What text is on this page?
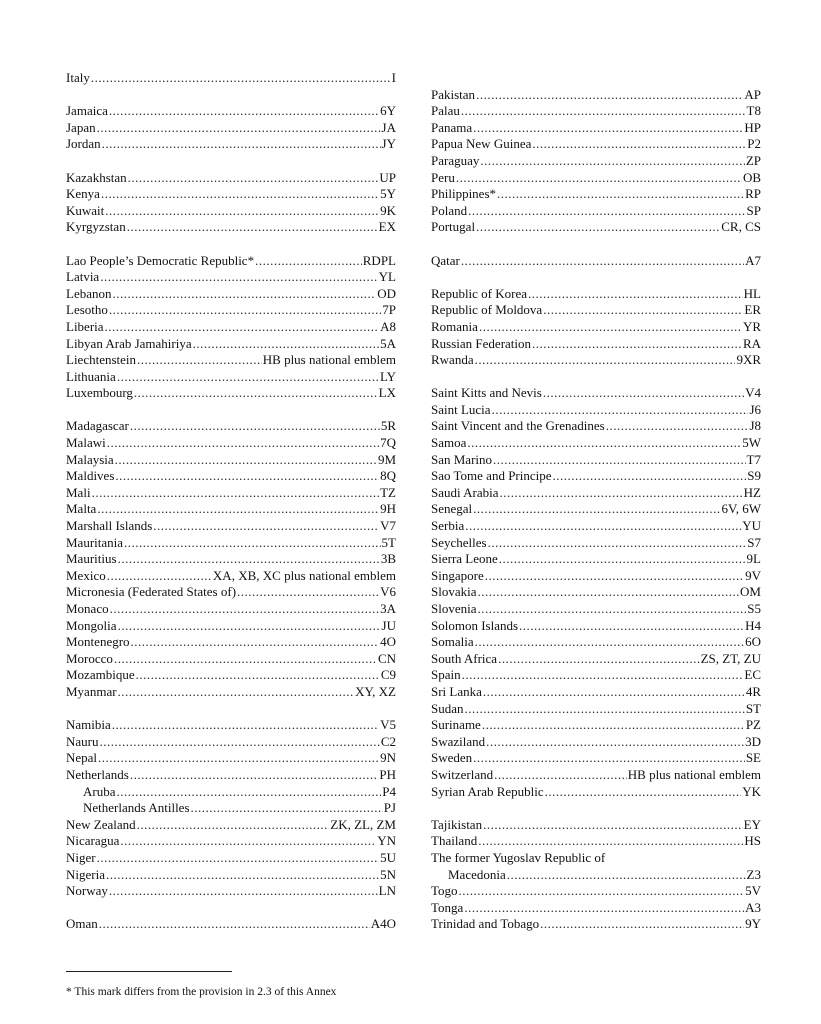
Italy .....	I
Jamaica .....	6Y
Japan .....	JA
Jordan .....	JY
Kazakhstan .....	UP
Kenya .....	5Y
Kuwait .....	9K
Kyrgyzstan .....	EX
Lao People’s Democratic Republic* .....	RDPL
Latvia .....	YL
Lebanon .....	OD
Lesotho .....	7P
Liberia .....	A8
Libyan Arab Jamahiriya .....	5A
Liechtenstein .....	HB plus national emblem
Lithuania .....	LY
Luxembourg .....	LX
Madagascar .....	5R
Malawi .....	7Q
Malaysia .....	9M
Maldives .....	8Q
Mali .....	TZ
Malta .....	9H
Marshall Islands .....	V7
Mauritania .....	5T
Mauritius .....	3B
Mexico .....	XA, XB, XC plus national emblem
Micronesia (Federated States of) .....	V6
Monaco .....	3A
Mongolia .....	JU
Montenegro .....	4O
Morocco .....	CN
Mozambique .....	C9
Myanmar .....	XY, XZ
Namibia .....	V5
Nauru .....	C2
Nepal .....	9N
Netherlands .....	PH
Aruba .....	P4
Netherlands Antilles .....	PJ
New Zealand .....	ZK, ZL, ZM
Nicaragua .....	YN
Niger .....	5U
Nigeria .....	5N
Norway .....	LN
Oman .....	A4O
Pakistan .....	AP
Palau .....	T8
Panama .....	HP
Papua New Guinea .....	P2
Paraguay .....	ZP
Peru .....	OB
Philippines* .....	RP
Poland .....	SP
Portugal .....	CR, CS
Qatar .....	A7
Republic of Korea .....	HL
Republic of Moldova .....	ER
Romania .....	YR
Russian Federation .....	RA
Rwanda .....	9XR
Saint Kitts and Nevis .....	V4
Saint Lucia .....	J6
Saint Vincent and the Grenadines .....	J8
Samoa .....	5W
San Marino .....	T7
Sao Tome and Principe .....	S9
Saudi Arabia .....	HZ
Senegal .....	6V, 6W
Serbia .....	YU
Seychelles .....	S7
Sierra Leone .....	9L
Singapore .....	9V
Slovakia .....	OM
Slovenia .....	S5
Solomon Islands .....	H4
Somalia .....	6O
South Africa .....	ZS, ZT, ZU
Spain .....	EC
Sri Lanka .....	4R
Sudan .....	ST
Suriname .....	PZ
Swaziland .....	3D
Sweden .....	SE
Switzerland .....	HB plus national emblem
Syrian Arab Republic .....	YK
Tajikistan .....	EY
Thailand .....	HS
The former Yugoslav Republic of
Macedonia .....	Z3
Togo .....	5V
Tonga .....	A3
Trinidad and Tobago .....	9Y
* This mark differs from the provision in 2.3 of this Annex
